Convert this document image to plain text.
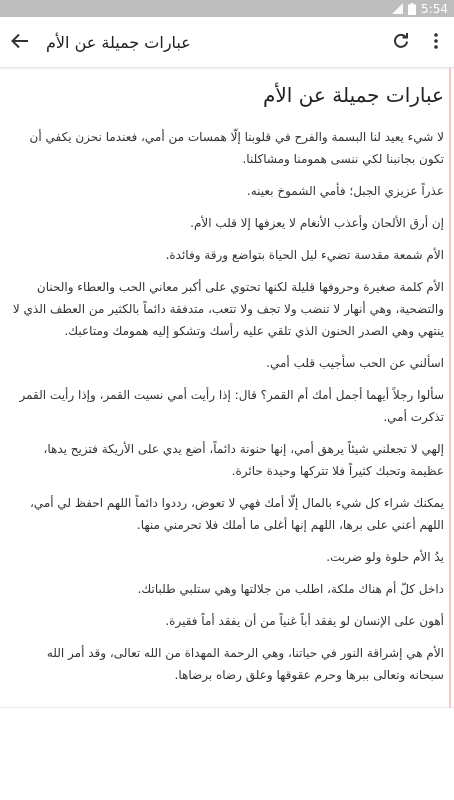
5:54
عبارات جميلة عن الأم
عبارات جميلة عن الأم

لا شيء يعيد لنا البسمة والفرح في قلوبنا إلّا همسات من أمي، فعندما نحزن يكفي أن تكون بجانبنا لكي ننسى همومنا ومشاكلنا.

عذراً عزيزي الجبل؛ فأمي الشموخ بعينه.

إن أرق الألحان وأعذب الأنغام لا يعزفها إلا قلب الأم.

الأم شمعة مقدسة تضيء ليل الحياة بتواضع ورقة وفائدة.

الأم كلمة صغيرة وحروفها قليلة لكنها تحتوي على أكبر معاني الحب والعطاء والحنان والتضحية، وهي أنهار لا تنضب ولا تجف ولا تتعب، متدفقة دائماً بالكثير من العطف الذي لا ينتهي وهي الصدر الحنون الذي تلقي عليه رأسك وتشكو إليه همومك ومتاعبك.

اسألني عن الحب سأجيب قلب أمي.

سألوا رجلاً أيهما أجمل أمك أم القمر؟ قال: إذا رأيت أمي نسيت القمر، وإذا رأيت القمر تذكرت أمي.

إلهي لا تجعلني شيئاً يرهق أمي، إنها حنونة دائماً، أضع يدي على الأريكة فتزيح يدها، عظيمة وتحبك كثيراً فلا تتركها وحيدة حائرة.

يمكنك شراء كل شيء بالمال إلّا أمك فهي لا تعوض، رددوا دائماً اللهم احفظ لي أمي، اللهم أعني على برها، اللهم إنها أغلى ما أملك فلا تحرمني منها.

يدُ الأم حلوة ولو ضربت.

داخل كلّ أم هناك ملكة، اطلب من جلالتها وهي ستلبي طلباتك.

أهون على الإنسان لو يفقد أباً غنياً من أن يفقد أماً فقيرة.

الأم هي إشراقة النور في حياتنا، وهي الرحمة المهداة من الله تعالى، وقد أمر الله سبحانه وتعالى ببرها وحرم عقوقها وعلق رضاه برضاها.
